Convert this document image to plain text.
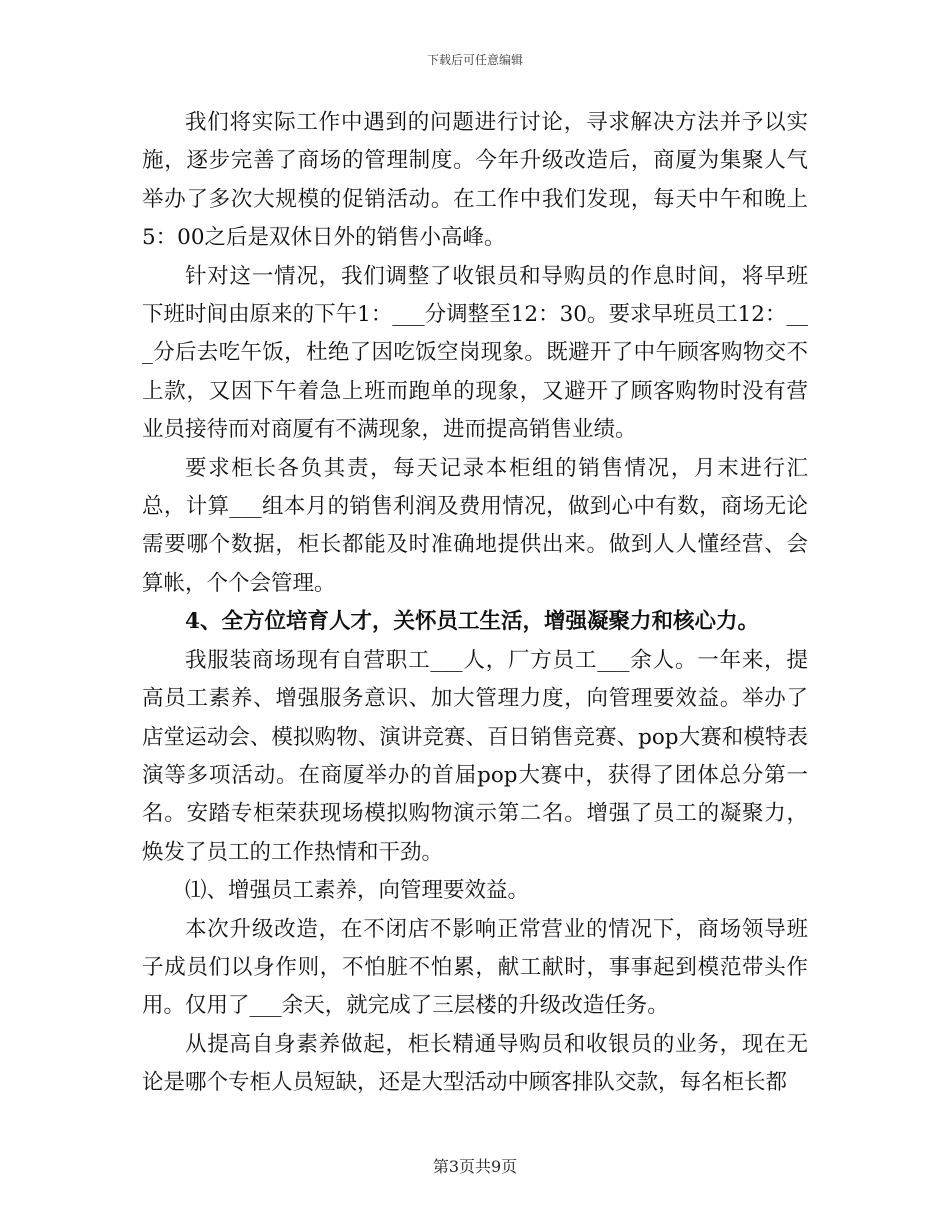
下载后可任意编辑

我们将实际工作中遇到的问题进行讨论，寻求解决方法并予以实施，逐步完善了商场的管理制度。今年升级改造后，商厦为集聚人气举办了多次大规模的促销活动。在工作中我们发现，每天中午和晚上5：00之后是双休日外的销售小高峰。

针对这一情况，我们调整了收银员和导购员的作息时间，将早班下班时间由原来的下午1：___分调整至12：30。要求早班员工12：___分后去吃午饭，杜绝了因吃饭空岗现象。既避开了中午顾客购物交不上款，又因下午着急上班而跑单的现象，又避开了顾客购物时没有营业员接待而对商厦有不满现象，进而提高销售业绩。

要求柜长各负其责，每天记录本柜组的销售情况，月末进行汇总，计算___组本月的销售利润及费用情况，做到心中有数，商场无论需要哪个数据，柜长都能及时准确地提供出来。做到人人懂经营、会算帐，个个会管理。

4、全方位培育人才，关怀员工生活，增强凝聚力和核心力。

我服装商场现有自营职工___人，厂方员工___余人。一年来，提高员工素养、增强服务意识、加大管理力度，向管理要效益。举办了店堂运动会、模拟购物、演讲竞赛、百日销售竞赛、pop大赛和模特表演等多项活动。在商厦举办的首届pop大赛中，获得了团体总分第一名。安踏专柜荣获现场模拟购物演示第二名。增强了员工的凝聚力，焕发了员工的工作热情和干劲。

⑴、增强员工素养，向管理要效益。

本次升级改造，在不闭店不影响正常营业的情况下，商场领导班子成员们以身作则，不怕脏不怕累，献工献时，事事起到模范带头作用。仅用了___余天，就完成了三层楼的升级改造任务。

从提高自身素养做起，柜长精通导购员和收银员的业务，现在无论是哪个专柜人员短缺，还是大型活动中顾客排队交款，每名柜长都

第3页共9页
